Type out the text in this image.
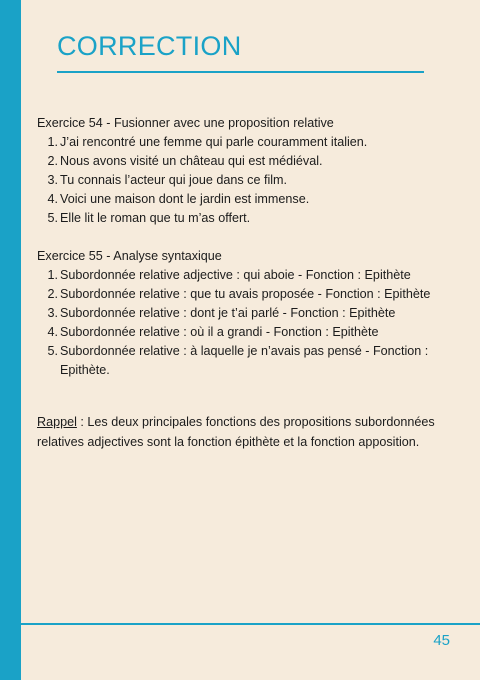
CORRECTION

Exercice 54 - Fusionner avec une proposition relative

1. J’ai rencontré une femme qui parle couramment italien.
2. Nous avons visité un château qui est médiéval.
3. Tu connais l’acteur qui joue dans ce film.
4. Voici une maison dont le jardin est immense.
5. Elle lit le roman que tu m’as offert.

Exercice 55 - Analyse syntaxique

1. Subordonnée relative adjective : qui aboie - Fonction : Epithète
2. Subordonnée relative : que tu avais proposée - Fonction : Epithète
3. Subordonnée relative : dont je t’ai parlé - Fonction : Epithète
4. Subordonnée relative : où il a grandi - Fonction : Epithète
5. Subordonnée relative : à laquelle je n’avais pas pensé - Fonction : Epithète.

Rappel : Les deux principales fonctions des propositions subordonnées relatives adjectives sont la fonction épithète et la fonction apposition.

45
